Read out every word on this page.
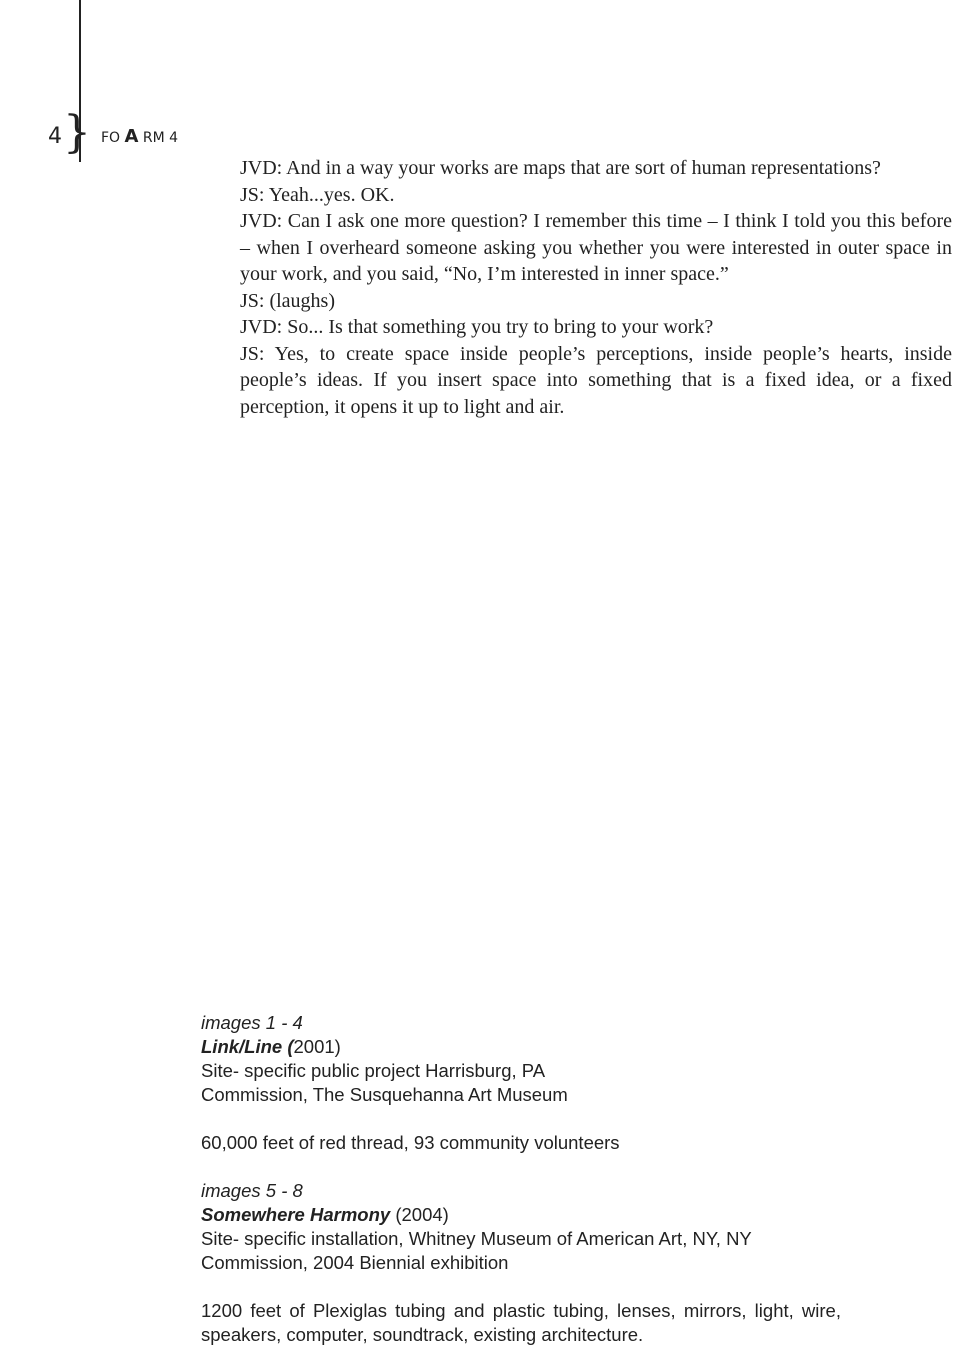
4 } FO A RM 4

JVD: And in a way your works are maps that are sort of human representations?

JS: Yeah...yes. OK.

JVD: Can I ask one more question? I remember this time – I think I told you this before – when I overheard someone asking you whether you were interested in outer space in your work, and you said, “No, I’m interested in inner space.”

JS: (laughs)

JVD: So... Is that something you try to bring to your work?

JS: Yes, to create space inside people’s perceptions, inside people’s hearts, inside people’s ideas. If you insert space into something that is a fixed idea, or a fixed perception, it opens it up to light and air.

images 1 - 4
Link/Line (2001)
Site- specific public project Harrisburg, PA
Commission, The Susquehanna Art Museum
60,000 feet of red thread, 93 community volunteers
images 5 - 8
Somewhere Harmony (2004)
Site- specific installation, Whitney Museum of American Art, NY, NY
Commission, 2004 Biennial exhibition
1200 feet of Plexiglas tubing and plastic tubing, lenses, mirrors, light, wire, speakers, computer, soundtrack, existing architecture.
